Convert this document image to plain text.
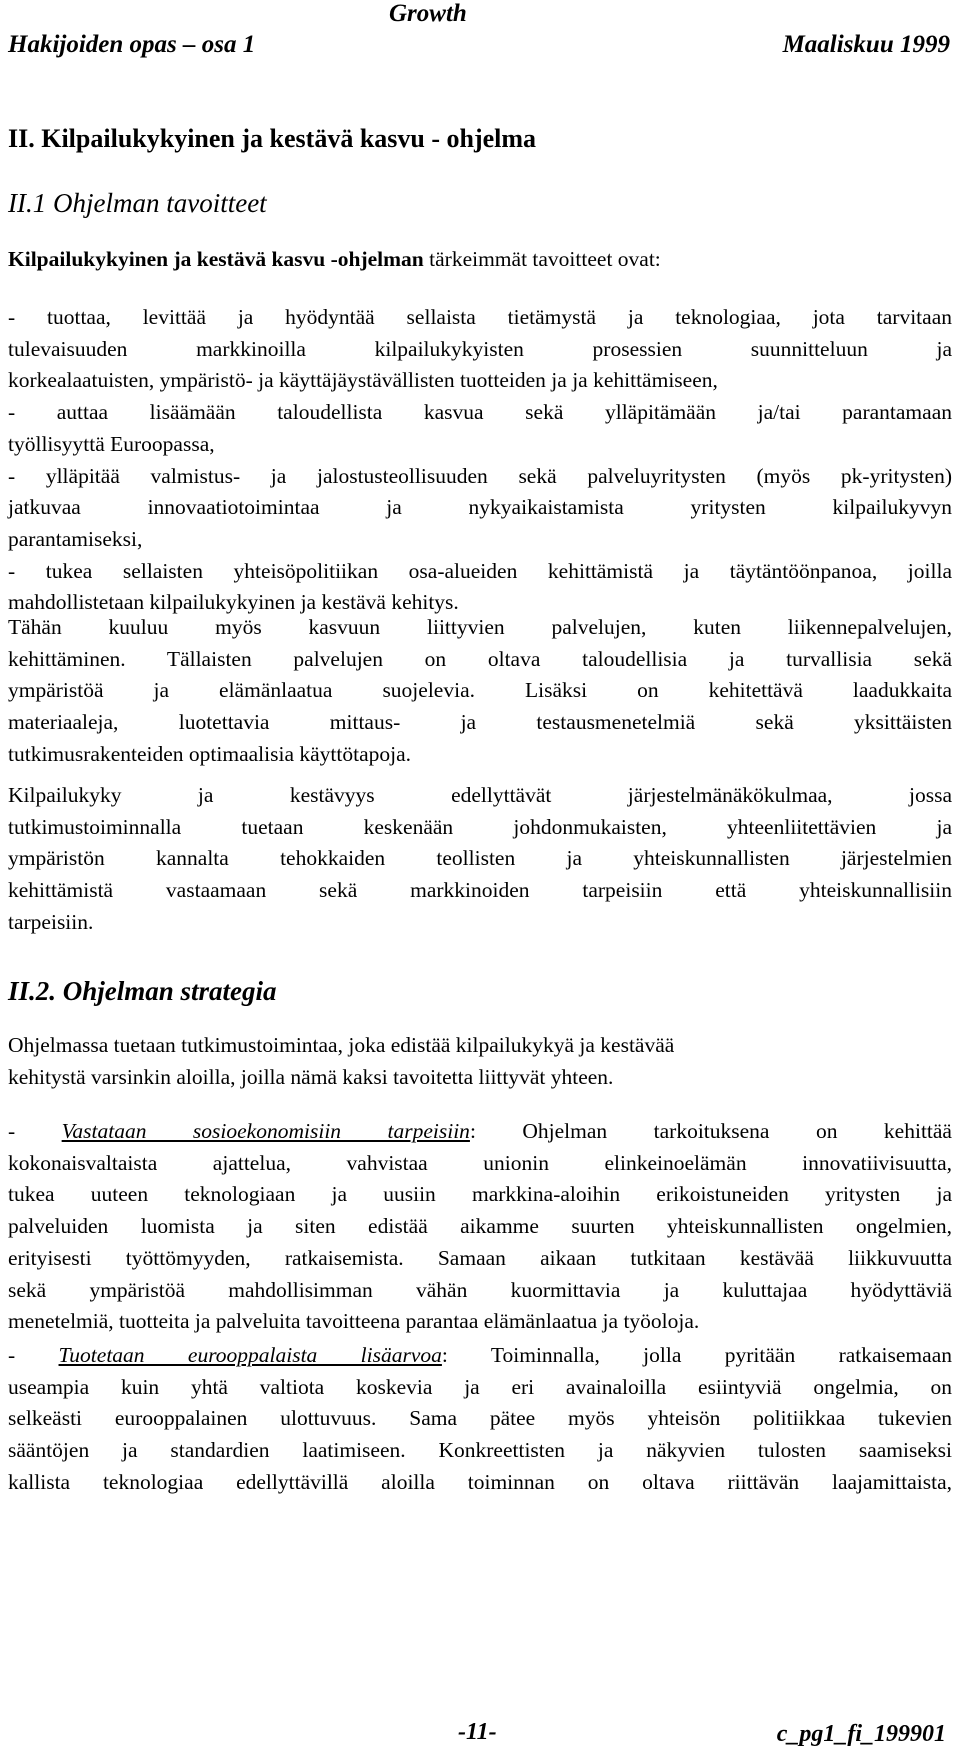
Growth
Hakijoiden opas – osa 1	Maaliskuu 1999
II. Kilpailukykyinen ja kestävä kasvu - ohjelma
II.1 Ohjelman tavoitteet
Kilpailukykyinen ja kestävä kasvu -ohjelman tärkeimmät tavoitteet ovat:
- tuottaa, levittää ja hyödyntää sellaista tietämystä ja teknologiaa, jota tarvitaan
tulevaisuuden markkinoilla kilpailukykyisten prosessien suunnitteluun ja
korkealaatuisten, ympäristö- ja käyttäjäystävällisten tuotteiden ja ja kehittämiseen,
- auttaa lisäämään taloudellista kasvua sekä ylläpitämään ja/tai parantamaan
työllisyyttä Euroopassa,
- ylläpitää valmistus- ja jalostusteollisuuden sekä palveluyritysten (myös pk-yritysten)
jatkuvaa innovaatiotoimintaa ja nykyaikaistamista yritysten kilpailukyvyn
parantamiseksi,
- tukea sellaisten yhteisöpolitiikan osa-alueiden kehittämistä ja täytäntöönpanoa, joilla
mahdollistetaan kilpailukykyinen ja kestävä kehitys.
Tähän kuuluu myös kasvuun liittyvien palvelujen, kuten liikennepalvelujen,
kehittäminen. Tällaisten palvelujen on oltava taloudellisia ja turvallisia sekä
ympäristöä ja elämänlaatua suojelevia. Lisäksi on kehitettävä laadukkaita
materiaaleja, luotettavia mittaus- ja testausmenetelmiä sekä yksittäisten
tutkimusrakenteiden optimaalisia käyttötapoja.
Kilpailukyky ja kestävyys edellyttävät järjestelmänäkökulmaa, jossa
tutkimustoiminnalla tuetaan keskenään johdonmukaisten, yhteenliitettävien ja
ympäristön kannalta tehokkaiden teollisten ja yhteiskunnallisten järjestelmien
kehittämistä vastaamaan sekä markkinoiden tarpeisiin että yhteiskunnallisiin
tarpeisiin.
II.2. Ohjelman strategia
Ohjelmassa tuetaan tutkimustoimintaa, joka edistää kilpailukykyä ja kestävää
kehitystä varsinkin aloilla, joilla nämä kaksi tavoitetta liittyvät yhteen.
- Vastataan sosioekonomisiin tarpeisiin: Ohjelman tarkoituksena on kehittää
kokonaisvaltaista ajattelua, vahvistaa unionin elinkeinoelämän innovatiivisuutta,
tukea uuteen teknologiaan ja uusiin markkina-aloihin erikoistuneiden yritysten ja
palveluiden luomista ja siten edistää aikamme suurten yhteiskunnallisten ongelmien,
erityisesti työttömyyden, ratkaisemista. Samaan aikaan tutkitaan kestävää liikkuvuutta
sekä ympäristöä mahdollisimman vähän kuormittavia ja kuluttajaa hyödyttäviä
menetelmiä, tuotteita ja palveluita tavoitteena parantaa elämänlaatua ja työoloja.
- Tuotetaan eurooppalaista lisäarvoa: Toiminnalla, jolla pyritään ratkaisemaan
useampia kuin yhtä valtiota koskevia ja eri avainaloilla esiintyviä ongelmia, on
selkeästi eurooppalainen ulottuvuus. Sama pätee myös yhteisön politiikkaa tukevien
sääntöjen ja standardien laatimiseen. Konkreettisten ja näkyvien tulosten saamiseksi
kallista teknologiaa edellyttävillä aloilla toiminnan on oltava riittävän laajamittaista,
-11-	c_pg1_fi_199901
